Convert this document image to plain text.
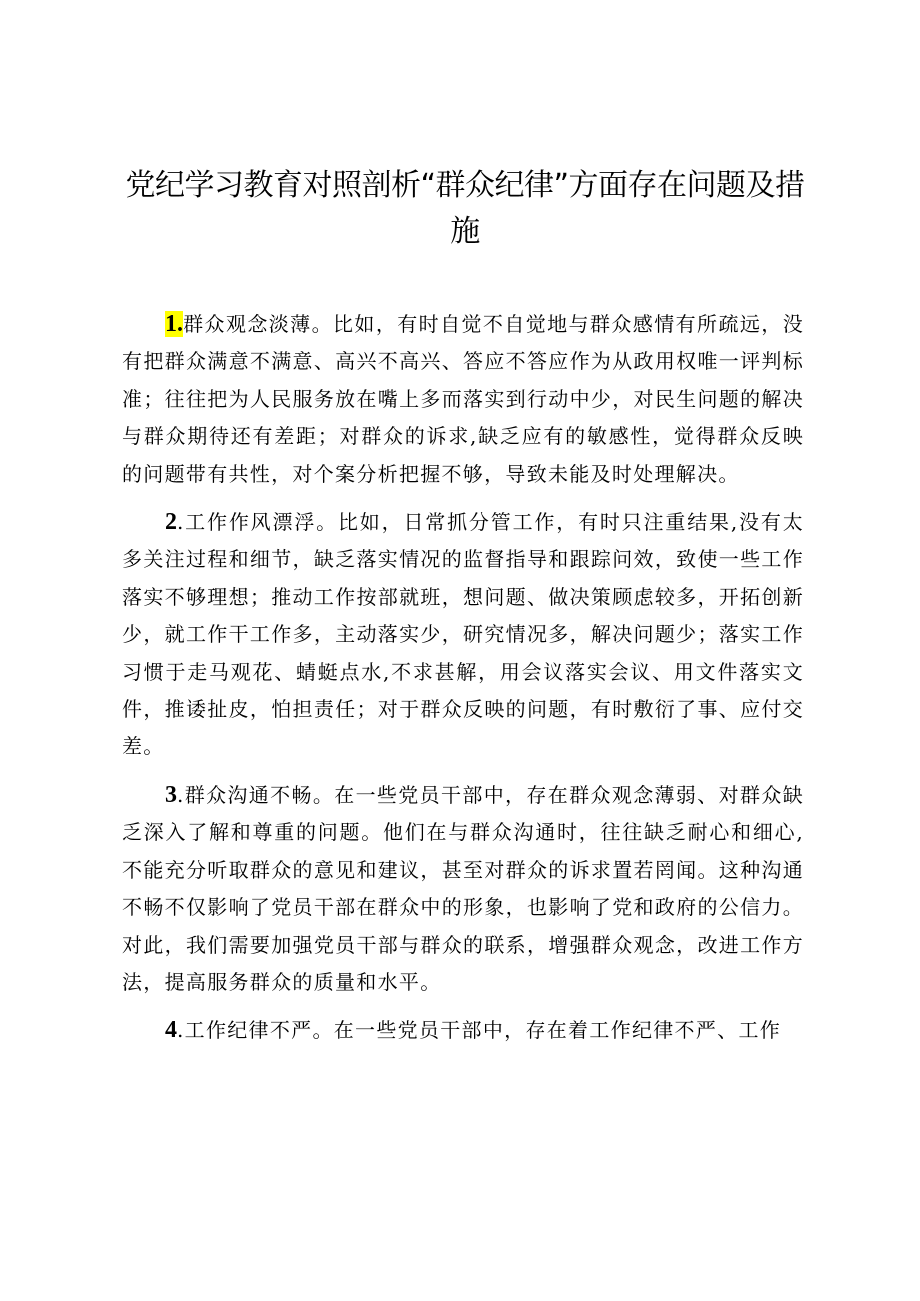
党纪学习教育对照剖析“群众纪律”方面存在问题及措施

1.群众观念淡薄。比如，有时自觉不自觉地与群众感情有所疏远，没有把群众满意不满意、高兴不高兴、答应不答应作为从政用权唯一评判标准；往往把为人民服务放在嘴上多而落实到行动中少，对民生问题的解决与群众期待还有差距；对群众的诉求,缺乏应有的敏感性，觉得群众反映的问题带有共性，对个案分析把握不够，导致未能及时处理解决。

2.工作作风漂浮。比如，日常抓分管工作，有时只注重结果,没有太多关注过程和细节，缺乏落实情况的监督指导和跟踪问效，致使一些工作落实不够理想；推动工作按部就班，想问题、做决策顾虑较多，开拓创新少，就工作干工作多，主动落实少，研究情况多，解决问题少；落实工作习惯于走马观花、蜻蜓点水,不求甚解，用会议落实会议、用文件落实文件，推诿扯皮，怕担责任；对于群众反映的问题，有时敷衍了事、应付交差。

3.群众沟通不畅。在一些党员干部中，存在群众观念薄弱、对群众缺乏深入了解和尊重的问题。他们在与群众沟通时，往往缺乏耐心和细心,不能充分听取群众的意见和建议，甚至对群众的诉求置若罔闻。这种沟通不畅不仅影响了党员干部在群众中的形象，也影响了党和政府的公信力。对此，我们需要加强党员干部与群众的联系，增强群众观念，改进工作方法，提高服务群众的质量和水平。

4.工作纪律不严。在一些党员干部中，存在着工作纪律不严、工作
